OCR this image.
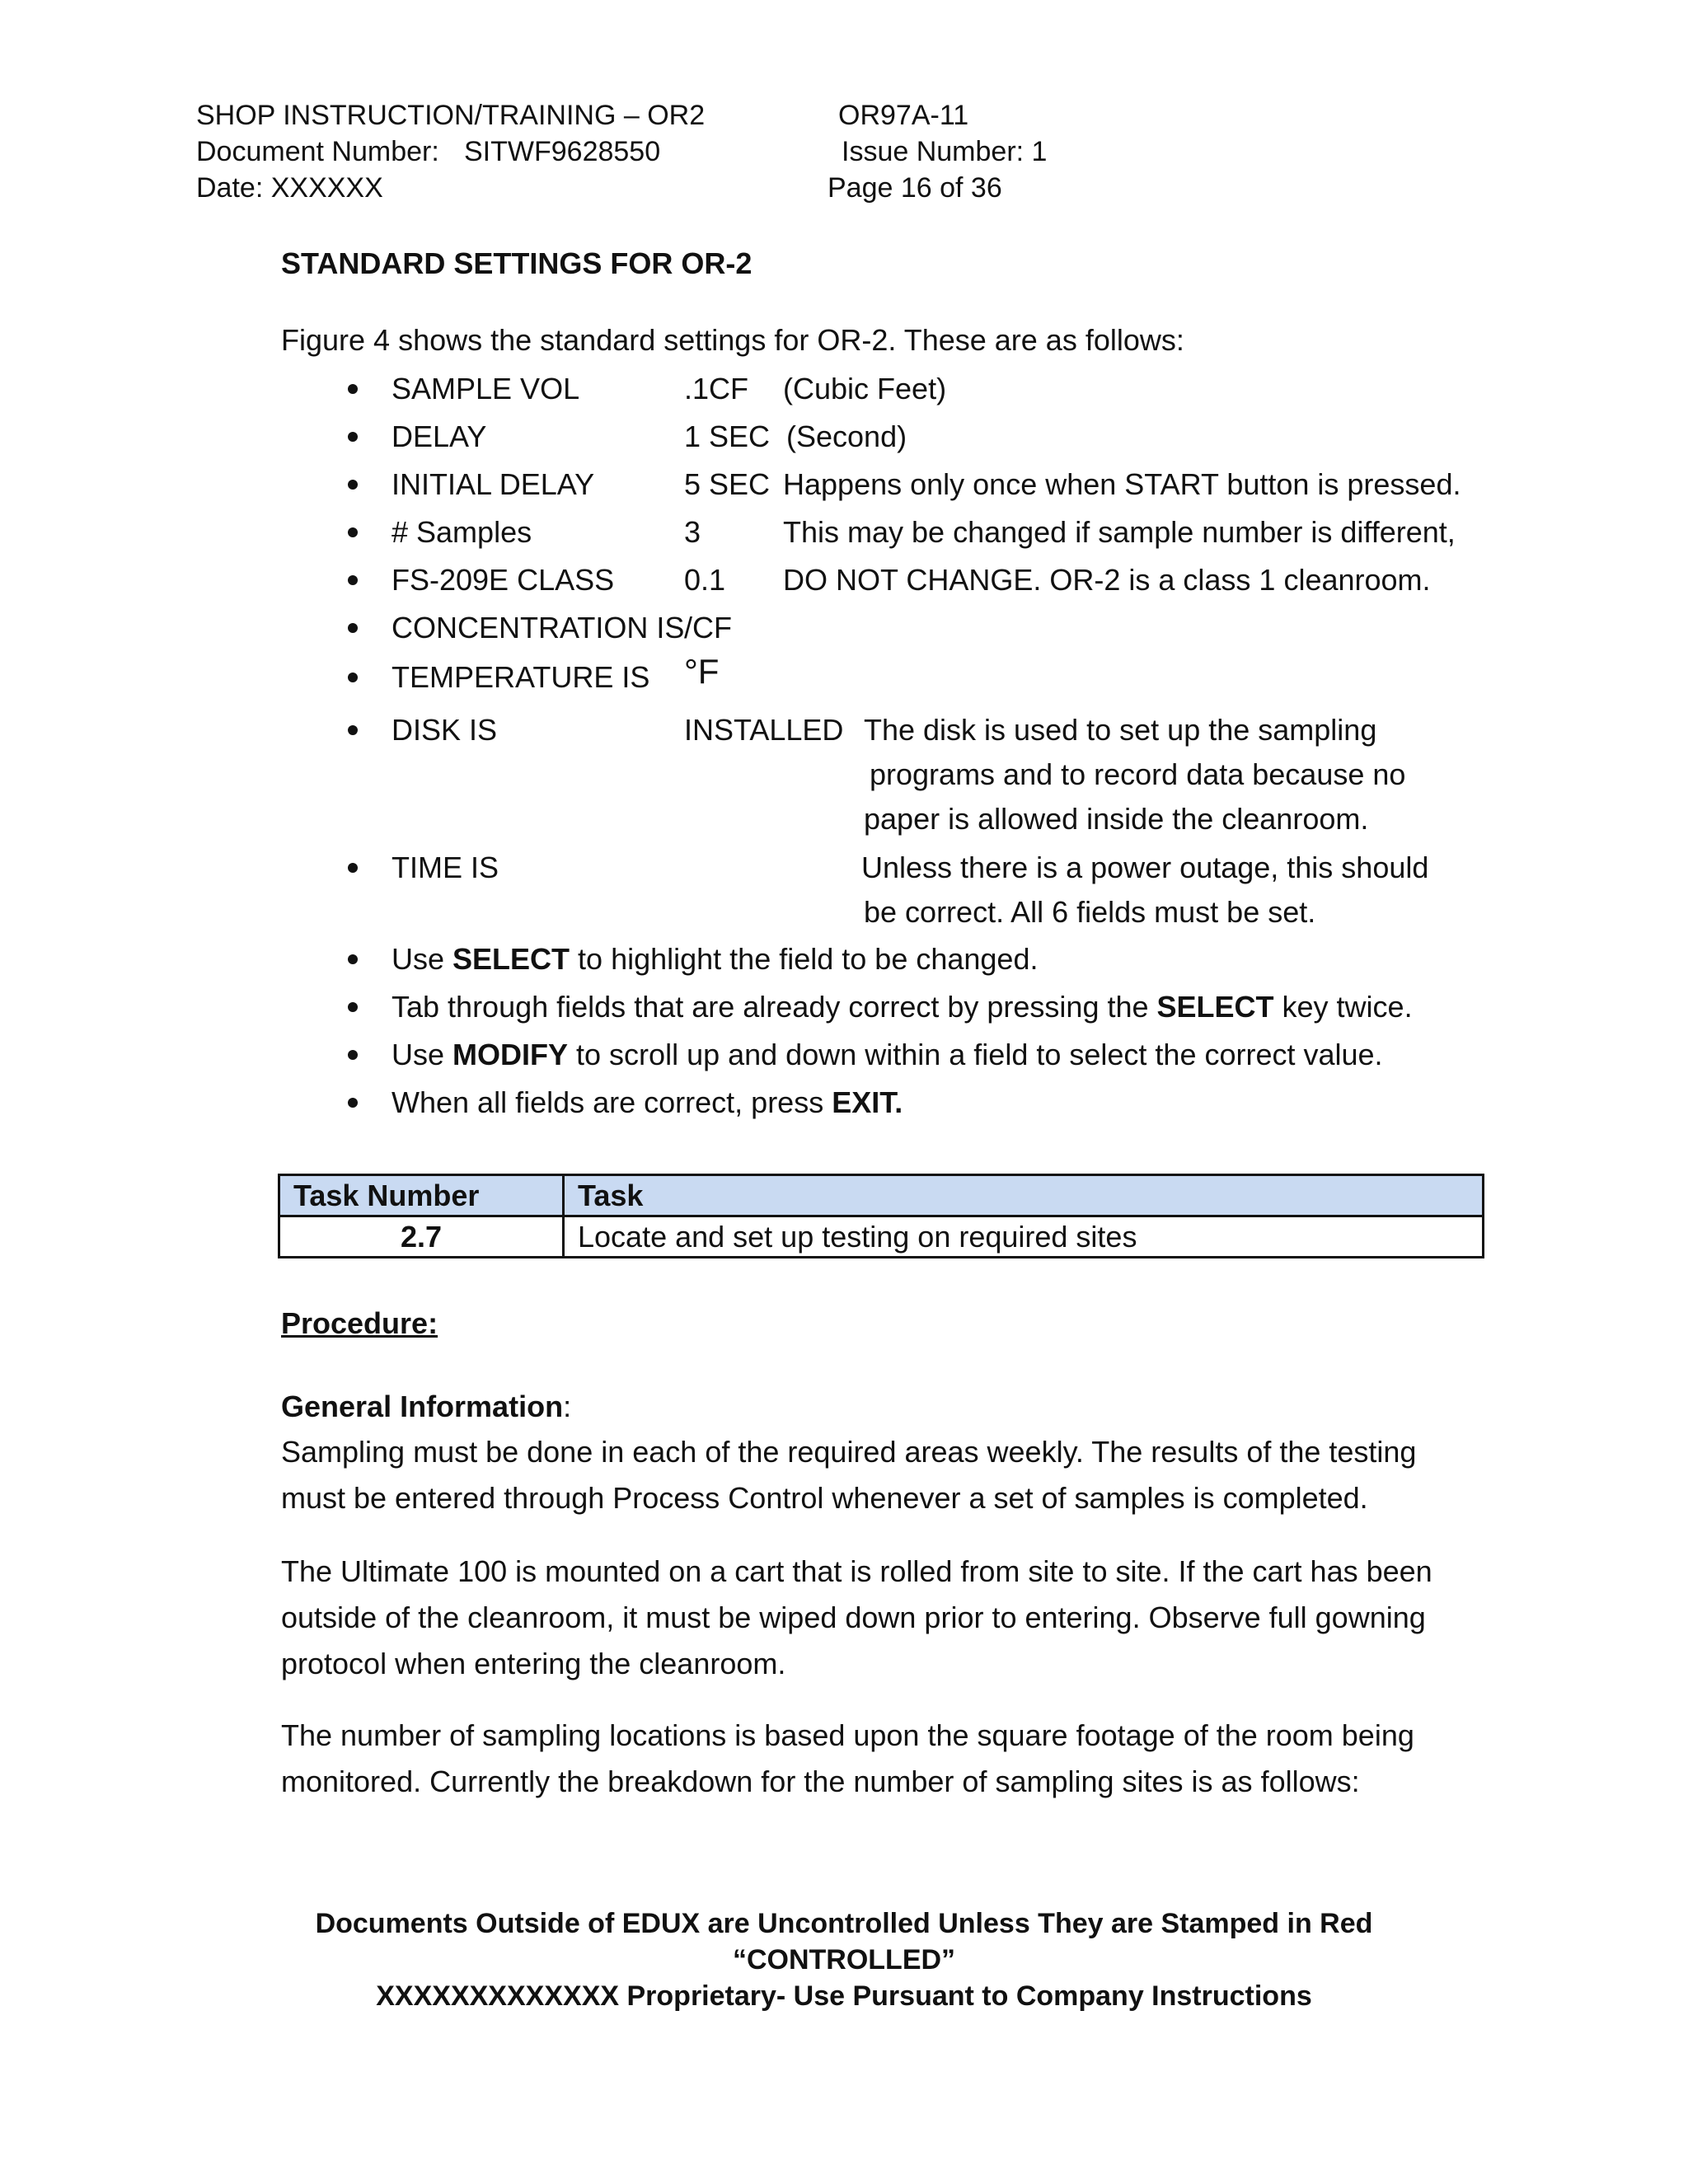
SHOP INSTRUCTION/TRAINING – OR2
Document Number: SITWF9628550
Date: XXXXXX
OR97A-11
Issue Number: 1
Page 16 of 36
STANDARD SETTINGS FOR OR-2
Figure 4 shows the standard settings for OR-2. These are as follows:
SAMPLE VOL	.1CF (Cubic Feet)
DELAY	1 SEC (Second)
INITIAL DELAY	5 SEC Happens only once when START button is pressed.
# Samples	3	This may be changed if sample number is different,
FS-209E CLASS 0.1 DO NOT CHANGE. OR-2 is a class 1 cleanroom.
CONCENTRATION IS /CF
TEMPERATURE IS °F
DISK IS	INSTALLED The disk is used to set up the sampling
programs and to record data because no
paper is allowed inside the cleanroom.
TIME IS	Unless there is a power outage, this should
be correct. All 6 fields must be set.
Use SELECT to highlight the field to be changed.
Tab through fields that are already correct by pressing the SELECT key twice.
Use MODIFY to scroll up and down within a field to select the correct value.
When all fields are correct, press EXIT.
Task Number	Task
2.7	Locate and set up testing on required sites
Procedure:
General Information:
Sampling must be done in each of the required areas weekly. The results of the testing
must be entered through Process Control whenever a set of samples is completed.
The Ultimate 100 is mounted on a cart that is rolled from site to site. If the cart has been
outside of the cleanroom, it must be wiped down prior to entering. Observe full gowning
protocol when entering the cleanroom.
The number of sampling locations is based upon the square footage of the room being
monitored. Currently the breakdown for the number of sampling sites is as follows:
Documents Outside of EDUX are Uncontrolled Unless They are Stamped in Red
“CONTROLLED”
XXXXXXXXXXXXX Proprietary- Use Pursuant to Company Instructions
